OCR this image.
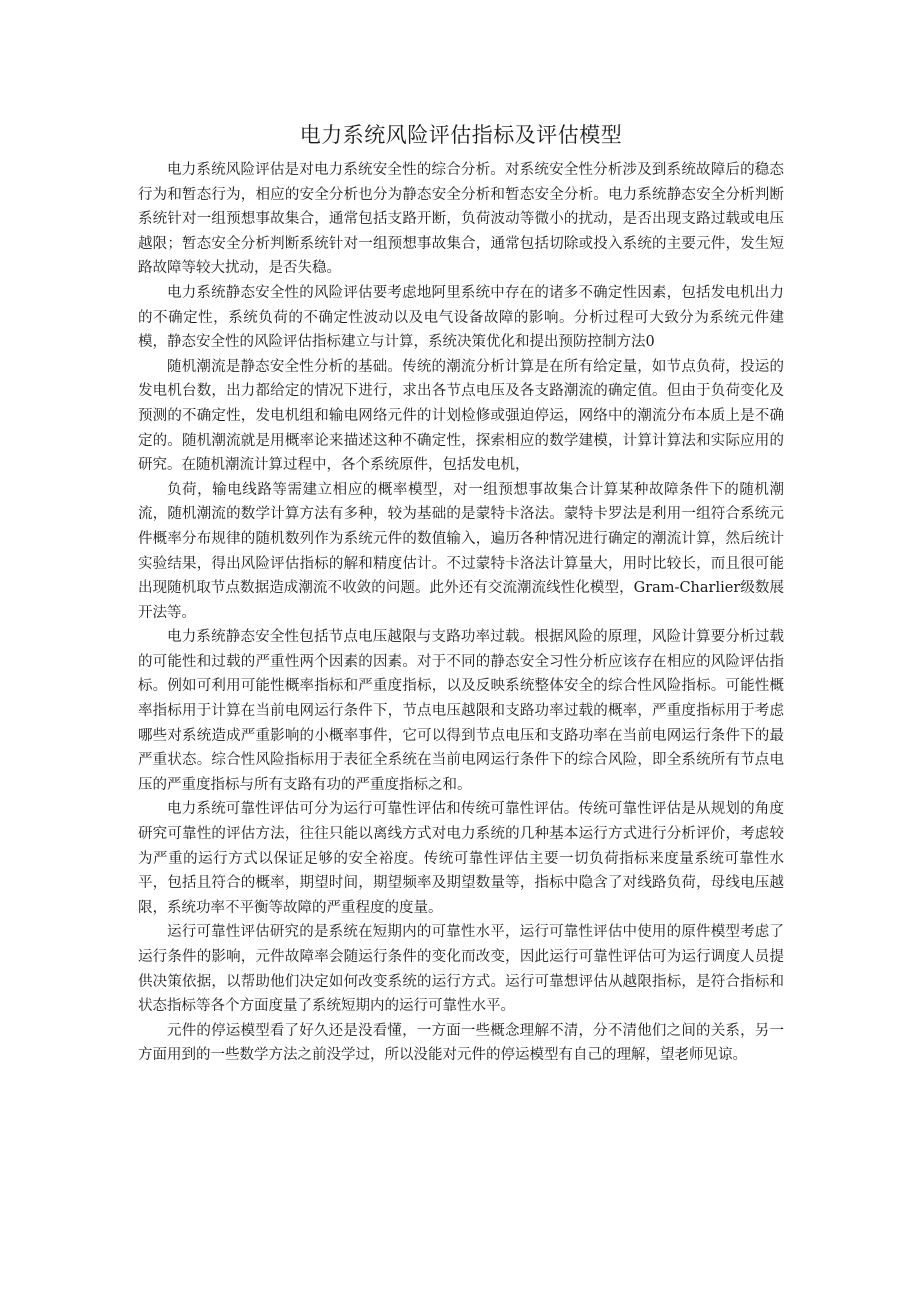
电力系统风险评估指标及评估模型

电力系统风险评估是对电力系统安全性的综合分析。对系统安全性分析涉及到系统故障后的稳态行为和暂态行为，相应的安全分析也分为静态安全分析和暂态安全分析。电力系统静态安全分析判断系统针对一组预想事故集合，通常包括支路开断，负荷波动等微小的扰动，是否出现支路过载或电压越限；暂态安全分析判断系统针对一组预想事故集合，通常包括切除或投入系统的主要元件，发生短路故障等较大扰动，是否失稳。

电力系统静态安全性的风险评估要考虑地阿里系统中存在的诸多不确定性因素，包括发电机出力的不确定性，系统负荷的不确定性波动以及电气设备故障的影响。分析过程可大致分为系统元件建模，静态安全性的风险评估指标建立与计算，系统决策优化和提出预防控制方法0

随机潮流是静态安全性分析的基础。传统的潮流分析计算是在所有给定量，如节点负荷，投运的发电机台数，出力都给定的情况下进行，求出各节点电压及各支路潮流的确定值。但由于负荷变化及预测的不确定性，发电机组和输电网络元件的计划检修或强迫停运，网络中的潮流分布本质上是不确定的。随机潮流就是用概率论来描述这种不确定性，探索相应的数学建模，计算计算法和实际应用的研究。在随机潮流计算过程中，各个系统原件，包括发电机，

负荷，输电线路等需建立相应的概率模型，对一组预想事故集合计算某种故障条件下的随机潮流，随机潮流的数学计算方法有多种，较为基础的是蒙特卡洛法。蒙特卡罗法是利用一组符合系统元件概率分布规律的随机数列作为系统元件的数值输入，遍历各种情况进行确定的潮流计算，然后统计实验结果，得出风险评估指标的解和精度估计。不过蒙特卡洛法计算量大，用时比较长，而且很可能出现随机取节点数据造成潮流不收敛的问题。此外还有交流潮流线性化模型，Gram-Charlier级数展开法等。

电力系统静态安全性包括节点电压越限与支路功率过载。根据风险的原理，风险计算要分析过载的可能性和过载的严重性两个因素的因素。对于不同的静态安全习性分析应该存在相应的风险评估指标。例如可利用可能性概率指标和严重度指标，以及反映系统整体安全的综合性风险指标。可能性概率指标用于计算在当前电网运行条件下，节点电压越限和支路功率过载的概率，严重度指标用于考虑哪些对系统造成严重影响的小概率事件，它可以得到节点电压和支路功率在当前电网运行条件下的最严重状态。综合性风险指标用于表征全系统在当前电网运行条件下的综合风险，即全系统所有节点电压的严重度指标与所有支路有功的严重度指标之和。

电力系统可靠性评估可分为运行可靠性评估和传统可靠性评估。传统可靠性评估是从规划的角度研究可靠性的评估方法，往往只能以离线方式对电力系统的几种基本运行方式进行分析评价，考虑较为严重的运行方式以保证足够的安全裕度。传统可靠性评估主要一切负荷指标来度量系统可靠性水平，包括且符合的概率，期望时间，期望频率及期望数量等，指标中隐含了对线路负荷，母线电压越限，系统功率不平衡等故障的严重程度的度量。

运行可靠性评估研究的是系统在短期内的可靠性水平，运行可靠性评估中使用的原件模型考虑了运行条件的影响，元件故障率会随运行条件的变化而改变，因此运行可靠性评估可为运行调度人员提供决策依据，以帮助他们决定如何改变系统的运行方式。运行可靠想评估从越限指标，是符合指标和状态指标等各个方面度量了系统短期内的运行可靠性水平。

元件的停运模型看了好久还是没看懂，一方面一些概念理解不清，分不清他们之间的关系，另一方面用到的一些数学方法之前没学过，所以没能对元件的停运模型有自己的理解，望老师见谅。
